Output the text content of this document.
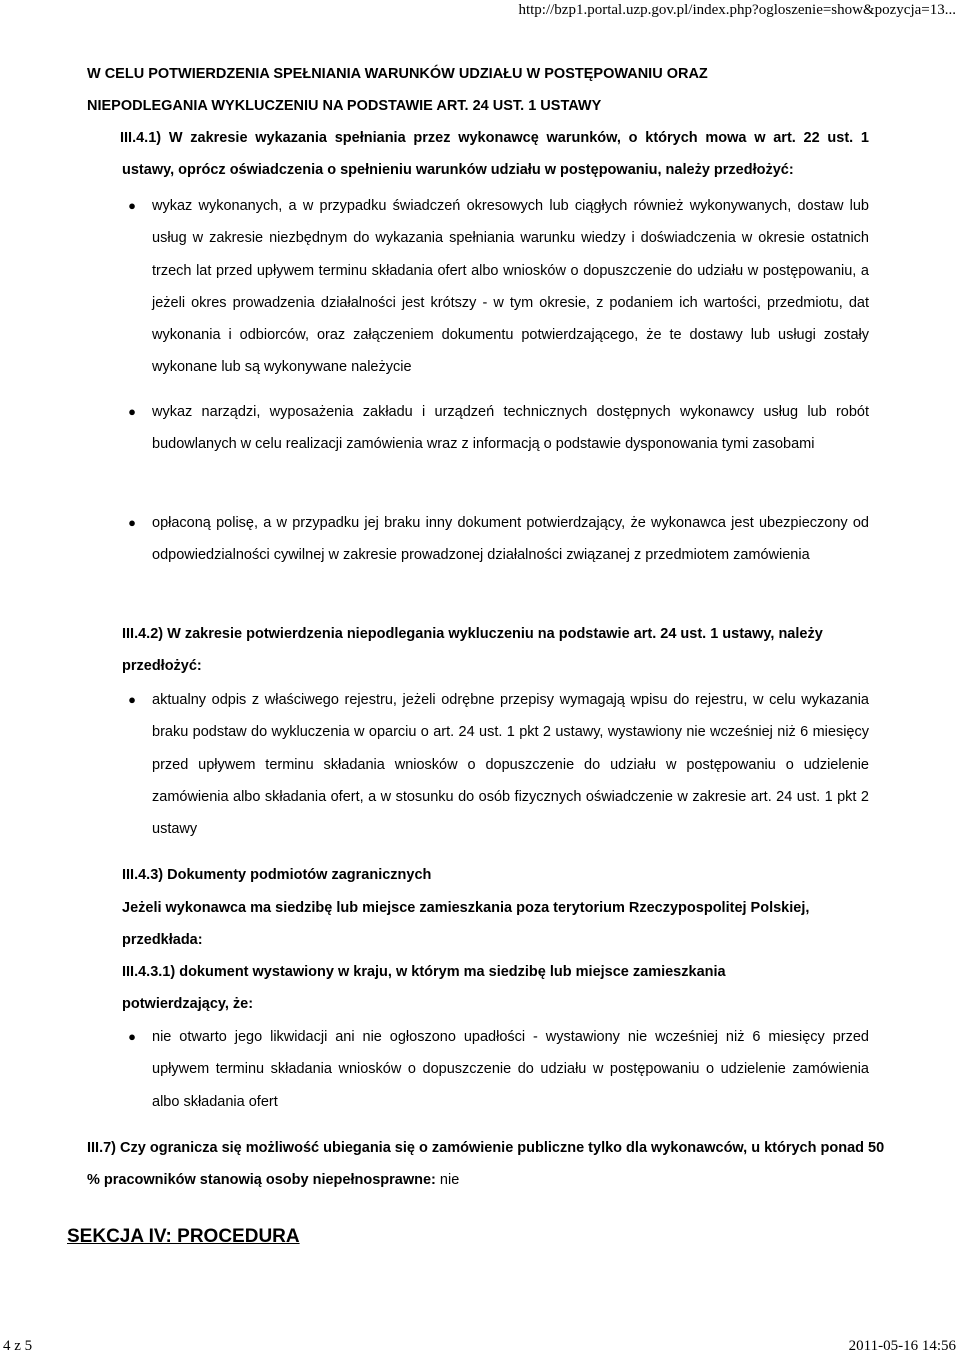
http://bzp1.portal.uzp.gov.pl/index.php?ogloszenie=show&pozycja=13...

W CELU POTWIERDZENIA SPEŁNIANIA WARUNKÓW UDZIAŁU W POSTĘPOWANIU ORAZ NIEPODLEGANIA WYKLUCZENIU NA PODSTAWIE ART. 24 UST. 1 USTAWY

III.4.1) W zakresie wykazania spełniania przez wykonawcę warunków, o których mowa w art. 22 ust. 1 ustawy, oprócz oświadczenia o spełnieniu warunków udziału w postępowaniu, należy przedłożyć:

● wykaz wykonanych, a w przypadku świadczeń okresowych lub ciągłych również wykonywanych, dostaw lub usług w zakresie niezbędnym do wykazania spełniania warunku wiedzy i doświadczenia w okresie ostatnich trzech lat przed upływem terminu składania ofert albo wniosków o dopuszczenie do udziału w postępowaniu, a jeżeli okres prowadzenia działalności jest krótszy - w tym okresie, z podaniem ich wartości, przedmiotu, dat wykonania i odbiorców, oraz załączeniem dokumentu potwierdzającego, że te dostawy lub usługi zostały wykonane lub są wykonywane należycie

● wykaz narządzi, wyposażenia zakładu i urządzeń technicznych dostępnych wykonawcy usług lub robót budowlanych w celu realizacji zamówienia wraz z informacją o podstawie dysponowania tymi zasobami

● opłaconą polisę, a w przypadku jej braku inny dokument potwierdzający, że wykonawca jest ubezpieczony od odpowiedzialności cywilnej w zakresie prowadzonej działalności związanej z przedmiotem zamówienia

III.4.2) W zakresie potwierdzenia niepodlegania wykluczeniu na podstawie art. 24 ust. 1 ustawy, należy przedłożyć:

● aktualny odpis z właściwego rejestru, jeżeli odrębne przepisy wymagają wpisu do rejestru, w celu wykazania braku podstaw do wykluczenia w oparciu o art. 24 ust. 1 pkt 2 ustawy, wystawiony nie wcześniej niż 6 miesięcy przed upływem terminu składania wniosków o dopuszczenie do udziału w postępowaniu o udzielenie zamówienia albo składania ofert, a w stosunku do osób fizycznych oświadczenie w zakresie art. 24 ust. 1 pkt 2 ustawy

III.4.3) Dokumenty podmiotów zagranicznych

Jeżeli wykonawca ma siedzibę lub miejsce zamieszkania poza terytorium Rzeczypospolitej Polskiej, przedkłada:

III.4.3.1) dokument wystawiony w kraju, w którym ma siedzibę lub miejsce zamieszkania potwierdzający, że:

● nie otwarto jego likwidacji ani nie ogłoszono upadłości - wystawiony nie wcześniej niż 6 miesięcy przed upływem terminu składania wniosków o dopuszczenie do udziału w postępowaniu o udzielenie zamówienia albo składania ofert

III.7) Czy ogranicza się możliwość ubiegania się o zamówienie publiczne tylko dla wykonawców, u których ponad 50 % pracowników stanowią osoby niepełnosprawne: nie

SEKCJA IV: PROCEDURA
4 z 5	2011-05-16 14:56
